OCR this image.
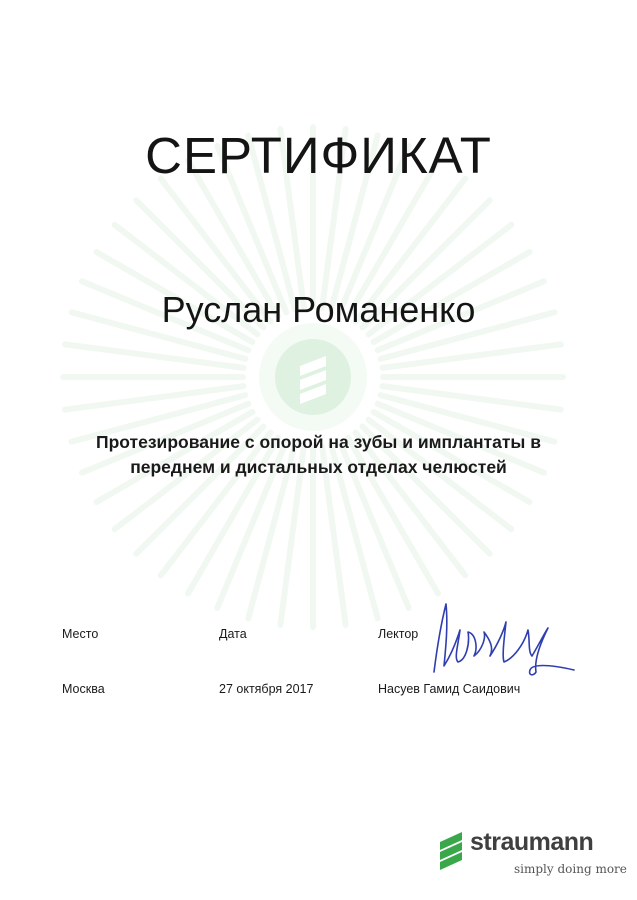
СЕРТИФИКАТ
Руслан Романенко
Протезирование с опорой на зубы и имплантаты в
переднем и дистальных отделах челюстей
Место	Дата	Лектор
Москва	27 октября 2017	Насуев Гамид Саидович
straumann
simply doing more
